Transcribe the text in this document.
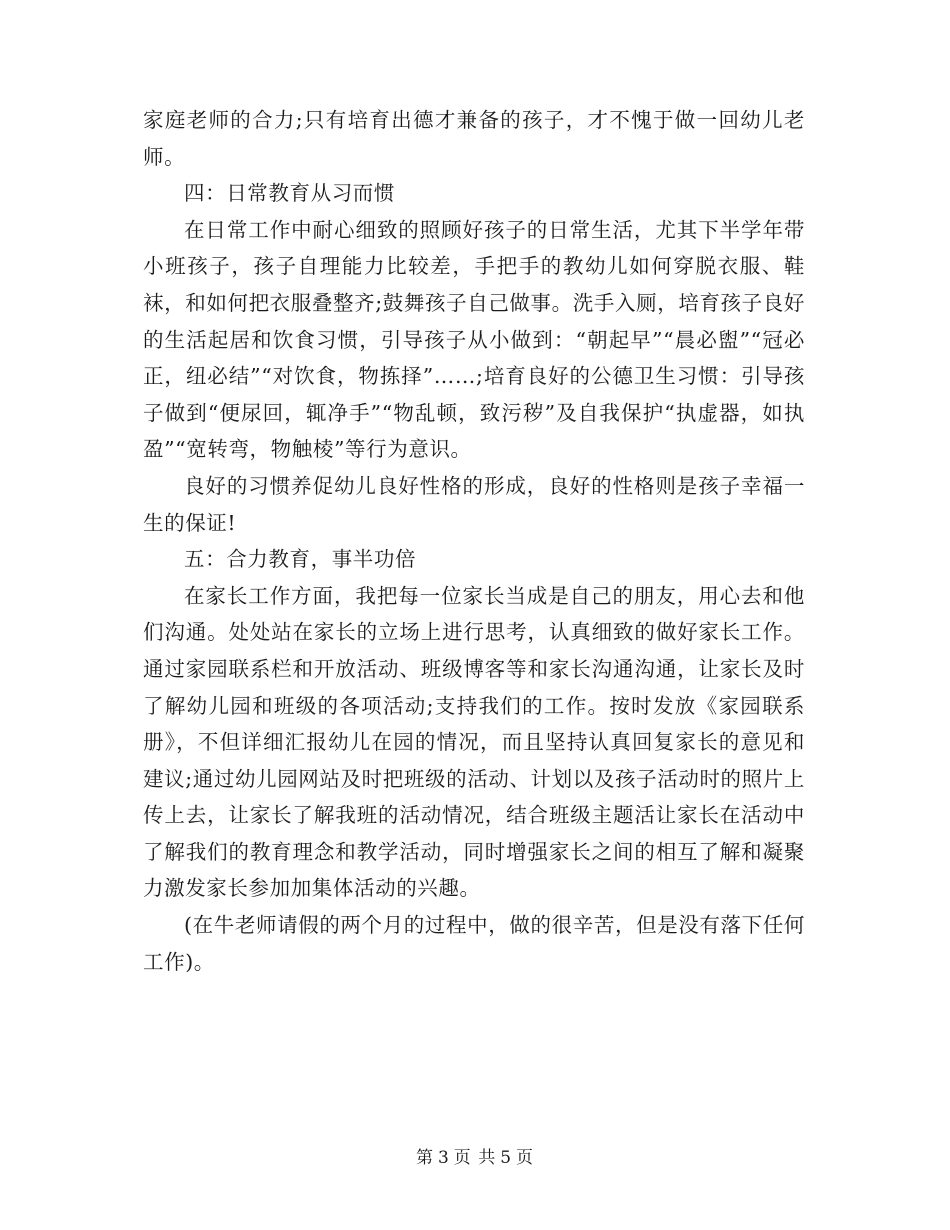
家庭老师的合力;只有培育出德才兼备的孩子，才不愧于做一回幼儿老师。

四：日常教育从习而惯

在日常工作中耐心细致的照顾好孩子的日常生活，尤其下半学年带小班孩子，孩子自理能力比较差，手把手的教幼儿如何穿脱衣服、鞋袜，和如何把衣服叠整齐;鼓舞孩子自己做事。洗手入厕，培育孩子良好的生活起居和饮食习惯，引导孩子从小做到：“朝起早”“晨必盥”“冠必正，纽必结”“对饮食，物拣择”……;培育良好的公德卫生习惯：引导孩子做到“便尿回，辄净手”“物乱顿，致污秽”及自我保护“执虚器，如执盈”“宽转弯，物触棱”等行为意识。

良好的习惯养促幼儿良好性格的形成，良好的性格则是孩子幸福一生的保证!

五：合力教育，事半功倍

在家长工作方面，我把每一位家长当成是自己的朋友，用心去和他们沟通。处处站在家长的立场上进行思考，认真细致的做好家长工作。通过家园联系栏和开放活动、班级博客等和家长沟通沟通，让家长及时了解幼儿园和班级的各项活动;支持我们的工作。按时发放《家园联系册》，不但详细汇报幼儿在园的情况，而且坚持认真回复家长的意见和建议;通过幼儿园网站及时把班级的活动、计划以及孩子活动时的照片上传上去，让家长了解我班的活动情况，结合班级主题活让家长在活动中了解我们的教育理念和教学活动，同时增强家长之间的相互了解和凝聚力激发家长参加加集体活动的兴趣。

(在牛老师请假的两个月的过程中，做的很辛苦，但是没有落下任何工作)。

第 3 页 共 5 页
